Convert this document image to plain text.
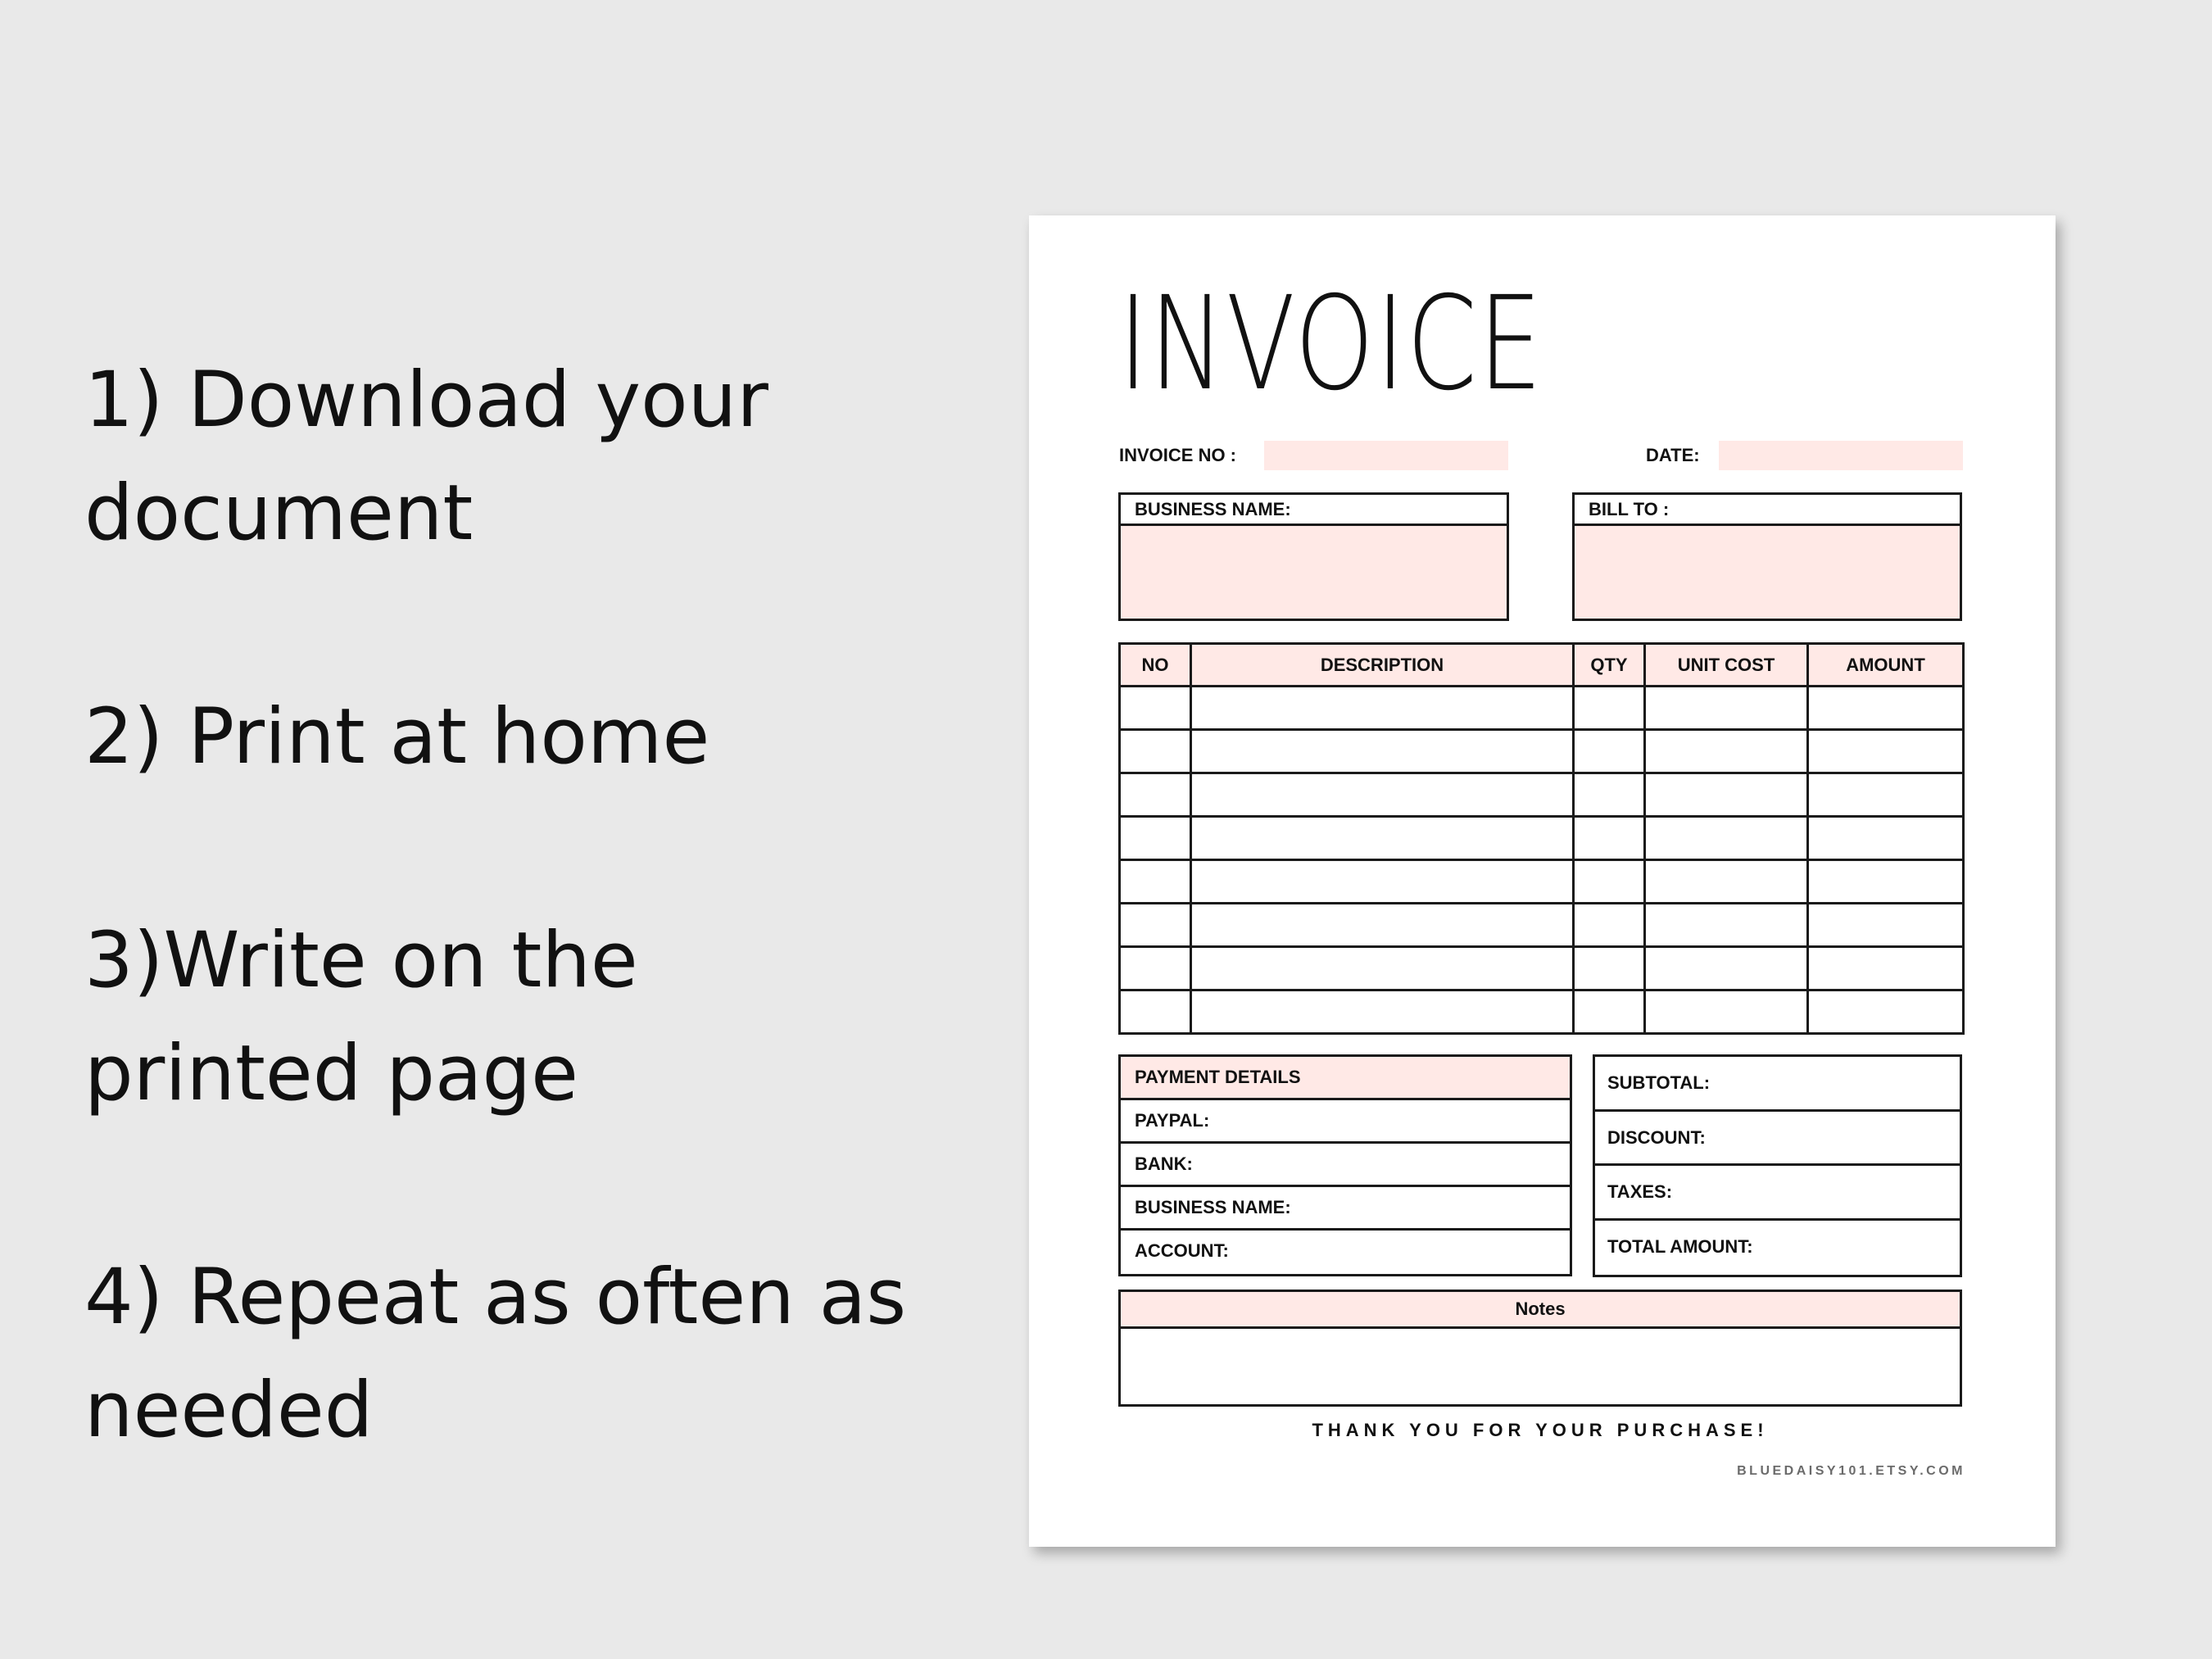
1) Download your
document
2) Print at home
3)Write on the
printed page
4) Repeat as often as
needed
INVOICE
INVOICE NO :	DATE:
BUSINESS NAME:	BILL TO :
NO	DESCRIPTION	QTY	UNIT COST	AMOUNT

PAYMENT DETAILS
PAYPAL:
BANK:
BUSINESS NAME:
ACCOUNT:
SUBTOTAL:
DISCOUNT:
TAXES:
TOTAL AMOUNT:
Notes
THANK YOU FOR YOUR PURCHASE!
BLUEDAISY101.ETSY.COM
